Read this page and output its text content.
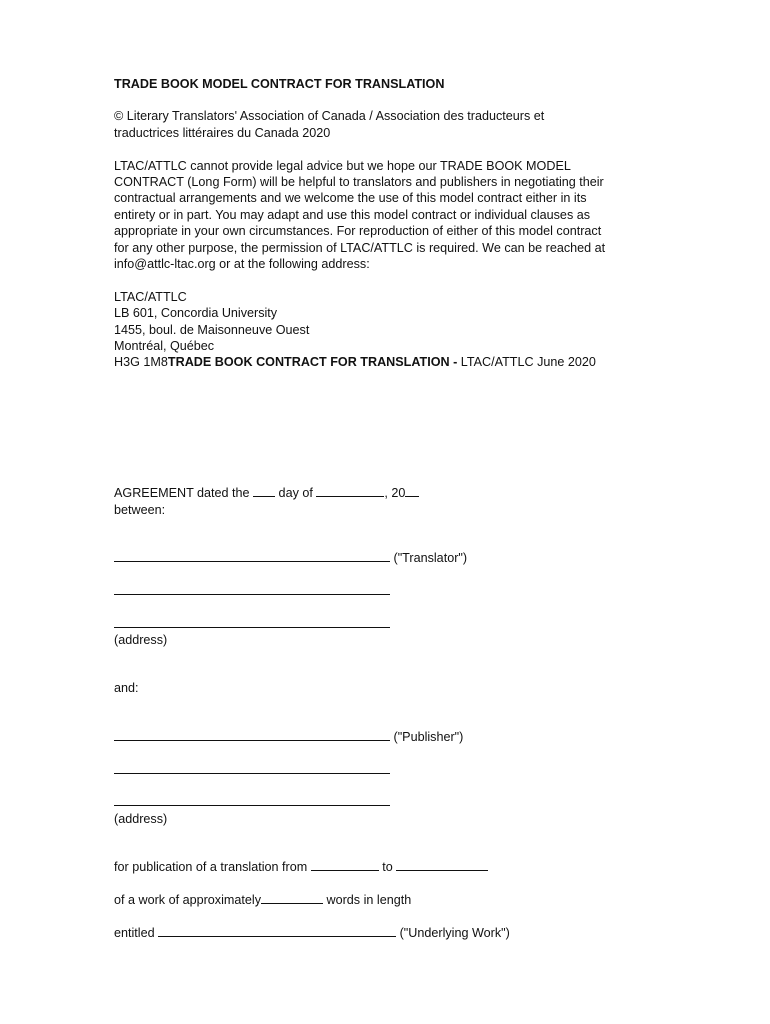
TRADE BOOK MODEL CONTRACT FOR TRANSLATION
© Literary Translators' Association of Canada / Association des traducteurs et
traductrices littéraires du Canada 2020
LTAC/ATTLC cannot provide legal advice but we hope our TRADE BOOK MODEL
CONTRACT (Long Form) will be helpful to translators and publishers in negotiating their
contractual arrangements and we welcome the use of this model contract either in its
entirety or in part. You may adapt and use this model contract or individual clauses as
appropriate in your own circumstances. For reproduction of either of this model contract
for any other purpose, the permission of LTAC/ATTLC is required. We can be reached at
info@attlc-ltac.org or at the following address:
LTAC/ATTLC
LB 601, Concordia University
1455, boul. de Maisonneuve Ouest
Montréal, Québec
H3G 1M8TRADE BOOK CONTRACT FOR TRANSLATION - LTAC/ATTLC June 2020
AGREEMENT dated the  day of	, 20
between:
("Translator")
(address)
and:
("Publisher")
(address)
for publication of a translation from	to
of a work of approximately	words in length
entitled	("Underlying Work")
